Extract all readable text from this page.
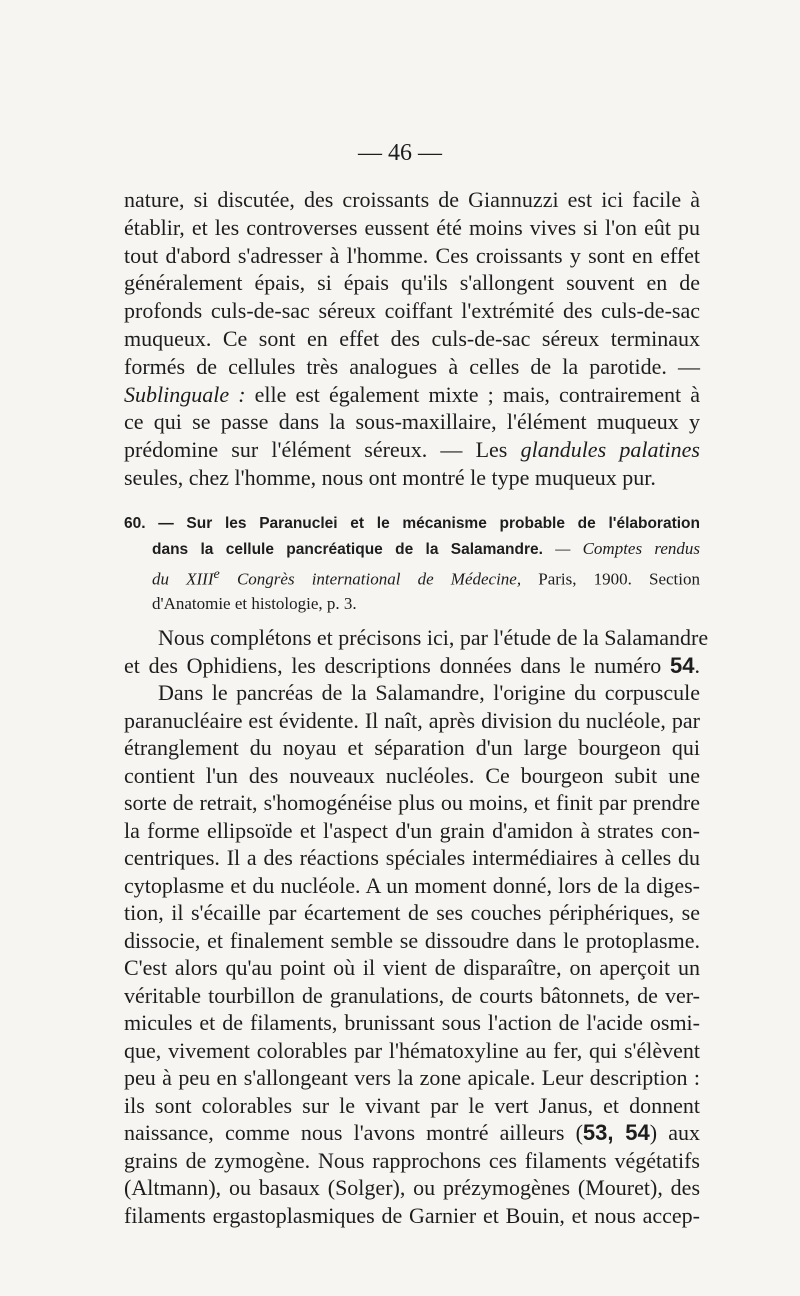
— 46 —
nature, si discutée, des croissants de Giannuzzi est ici facile à
établir, et les controverses eussent été moins vives si l'on eût pu
tout d'abord s'adresser à l'homme. Ces croissants y sont en effet
généralement épais, si épais qu'ils s'allongent souvent en de
profonds culs-de-sac séreux coiffant l'extrémité des culs-de-sac
muqueux. Ce sont en effet des culs-de-sac séreux terminaux
formés de cellules très analogues à celles de la parotide. —
Sublinguale : elle est également mixte ; mais, contrairement à
ce qui se passe dans la sous-maxillaire, l'élément muqueux y
prédomine sur l'élément séreux. — Les glandules palatines
seules, chez l'homme, nous ont montré le type muqueux pur.
60. — Sur les Paranuclei et le mécanisme probable de l'élaboration
dans la cellule pancréatique de la Salamandre. — Comptes rendus
du XIIIe Congrès international de Médecine, Paris, 1900. Section
d'Anatomie et histologie, p. 3.
Nous complétons et précisons ici, par l'étude de la Salamandre
et des Ophidiens, les descriptions données dans le numéro 54.
Dans le pancréas de la Salamandre, l'origine du corpuscule
paranucléaire est évidente. Il naît, après division du nucléole, par
étranglement du noyau et séparation d'un large bourgeon qui
contient l'un des nouveaux nucléoles. Ce bourgeon subit une
sorte de retrait, s'homogénéise plus ou moins, et finit par prendre
la forme ellipsoïde et l'aspect d'un grain d'amidon à strates con-
centriques. Il a des réactions spéciales intermédiaires à celles du
cytoplasme et du nucléole. A un moment donné, lors de la diges-
tion, il s'écaille par écartement de ses couches périphériques, se
dissocie, et finalement semble se dissoudre dans le protoplasme.
C'est alors qu'au point où il vient de disparaître, on aperçoit un
véritable tourbillon de granulations, de courts bâtonnets, de ver-
micules et de filaments, brunissant sous l'action de l'acide osmi-
que, vivement colorables par l'hématoxyline au fer, qui s'élèvent
peu à peu en s'allongeant vers la zone apicale. Leur description :
ils sont colorables sur le vivant par le vert Janus, et donnent
naissance, comme nous l'avons montré ailleurs (53, 54) aux
grains de zymogène. Nous rapprochons ces filaments végétatifs
(Altmann), ou basaux (Solger), ou prézymogènes (Mouret), des
filaments ergastoplasmiques de Garnier et Bouin, et nous accep-
